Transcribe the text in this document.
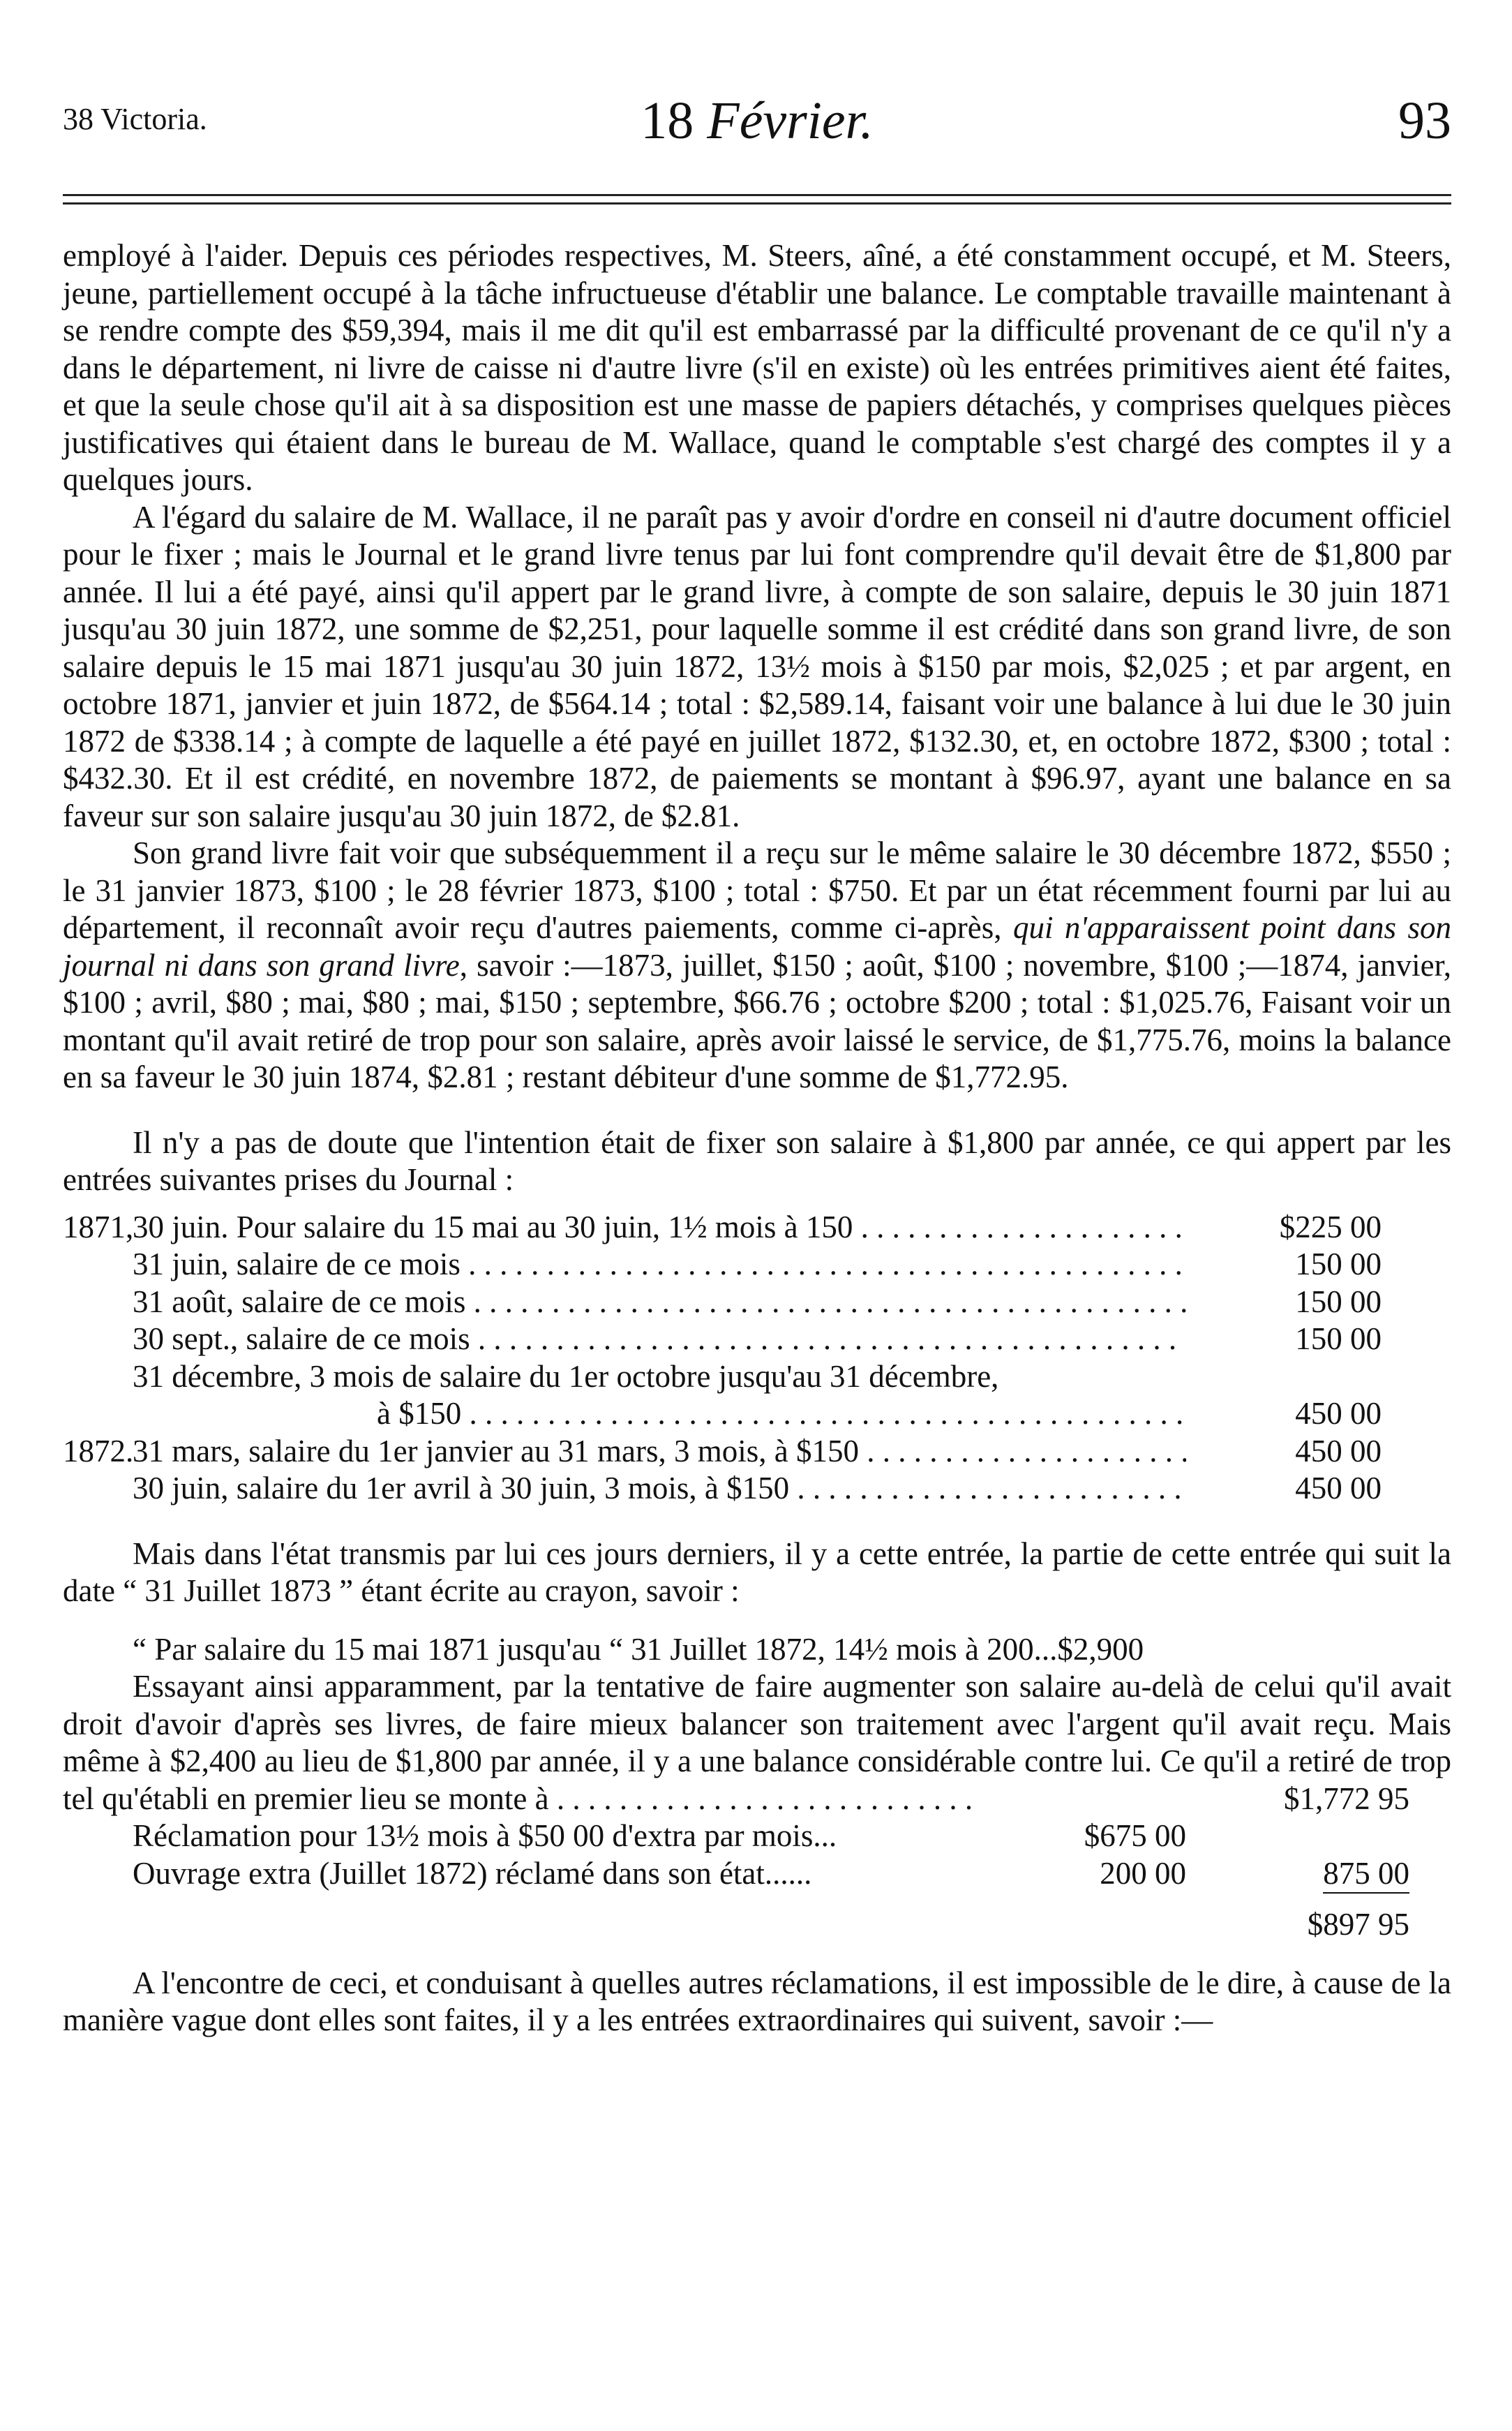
38 Victoria.	18 Février.	93

employé à l'aider. Depuis ces périodes respectives, M. Steers, aîné, a été constamment occupé, et M. Steers, jeune, partiellement occupé à la tâche infructueuse d'établir une balance. Le comptable travaille maintenant à se rendre compte des $59,394, mais il me dit qu'il est embarrassé par la difficulté provenant de ce qu'il n'y a dans le département, ni livre de caisse ni d'autre livre (s'il en existe) où les entrées primitives aient été faites, et que la seule chose qu'il ait à sa disposition est une masse de papiers détachés, y comprises quelques pièces justificatives qui étaient dans le bureau de M. Wallace, quand le comptable s'est chargé des comptes il y a quelques jours.

A l'égard du salaire de M. Wallace, il ne paraît pas y avoir d'ordre en conseil ni d'autre document officiel pour le fixer ; mais le Journal et le grand livre tenus par lui font comprendre qu'il devait être de $1,800 par année. Il lui a été payé, ainsi qu'il appert par le grand livre, à compte de son salaire, depuis le 30 juin 1871 jusqu'au 30 juin 1872, une somme de $2,251, pour laquelle somme il est crédité dans son grand livre, de son salaire depuis le 15 mai 1871 jusqu'au 30 juin 1872, 13½ mois à $150 par mois, $2,025 ; et par argent, en octobre 1871, janvier et juin 1872, de $564.14 ; total : $2,589.14, faisant voir une balance à lui due le 30 juin 1872 de $338.14 ; à compte de laquelle a été payé en juillet 1872, $132.30, et, en octobre 1872, $300 ; total : $432.30. Et il est crédité, en novembre 1872, de paiements se montant à $96.97, ayant une balance en sa faveur sur son salaire jusqu'au 30 juin 1872, de $2.81.

Son grand livre fait voir que subséquemment il a reçu sur le même salaire le 30 décembre 1872, $550 ; le 31 janvier 1873, $100 ; le 28 février 1873, $100 ; total : $750. Et par un état récemment fourni par lui au département, il reconnaît avoir reçu d'autres paiements, comme ci-après, qui n'apparaissent point dans son journal ni dans son grand livre, savoir :—1873, juillet, $150 ; août, $100 ; novembre, $100 ;—1874, janvier, $100 ; avril, $80 ; mai, $80 ; mai, $150 ; septembre, $66.76 ; octobre $200 ; total : $1,025.76, Faisant voir un montant qu'il avait retiré de trop pour son salaire, après avoir laissé le service, de $1,775.76, moins la balance en sa faveur le 30 juin 1874, $2.81 ; restant débiteur d'une somme de $1,772.95.

Il n'y a pas de doute que l'intention était de fixer son salaire à $1,800 par année, ce qui appert par les entrées suivantes prises du Journal :

1871,
30 juin. Pour salaire du 15 mai au 30 juin, 1½ mois à 150 . . .	$225 00
31 juin, salaire de ce mois . . .	150 00
31 août, salaire de ce mois . . .	150 00
30 sept., salaire de ce mois . . .	150 00
31 décembre, 3 mois de salaire du 1er octobre jusqu'au 31 décembre,
à $150 . . .	450 00
1872.
31 mars, salaire du 1er janvier au 31 mars, 3 mois, à $150 . . .	450 00
30 juin, salaire du 1er avril à 30 juin, 3 mois, à $150 . . .	450 00

Mais dans l'état transmis par lui ces jours derniers, il y a cette entrée, la partie de cette entrée qui suit la date “ 31 Juillet 1873 ” étant écrite au crayon, savoir :

“ Par salaire du 15 mai 1871 jusqu'au “ 31 Juillet 1872, 14½ mois à 200...$2,900

Essayant ainsi apparamment, par la tentative de faire augmenter son salaire au-delà de celui qu'il avait droit d'avoir d'après ses livres, de faire mieux balancer son traitement avec l'argent qu'il avait reçu. Mais même à $2,400 au lieu de $1,800 par année, il y a une balance considérable contre lui. Ce qu'il a retiré de trop tel qu'établi en premier lieu se monte à . . . . . . . . . . . . . . . . . . . . . . . . . . .	$1,772 95

Réclamation pour 13½ mois à $50 00 d'extra par mois...	$675 00
Ouvrage extra (Juillet 1872) réclamé dans son état......	200 00	875 00
$897 95

A l'encontre de ceci, et conduisant à quelles autres réclamations, il est impossible de le dire, à cause de la manière vague dont elles sont faites, il y a les entrées extraordinaires qui suivent, savoir :—
